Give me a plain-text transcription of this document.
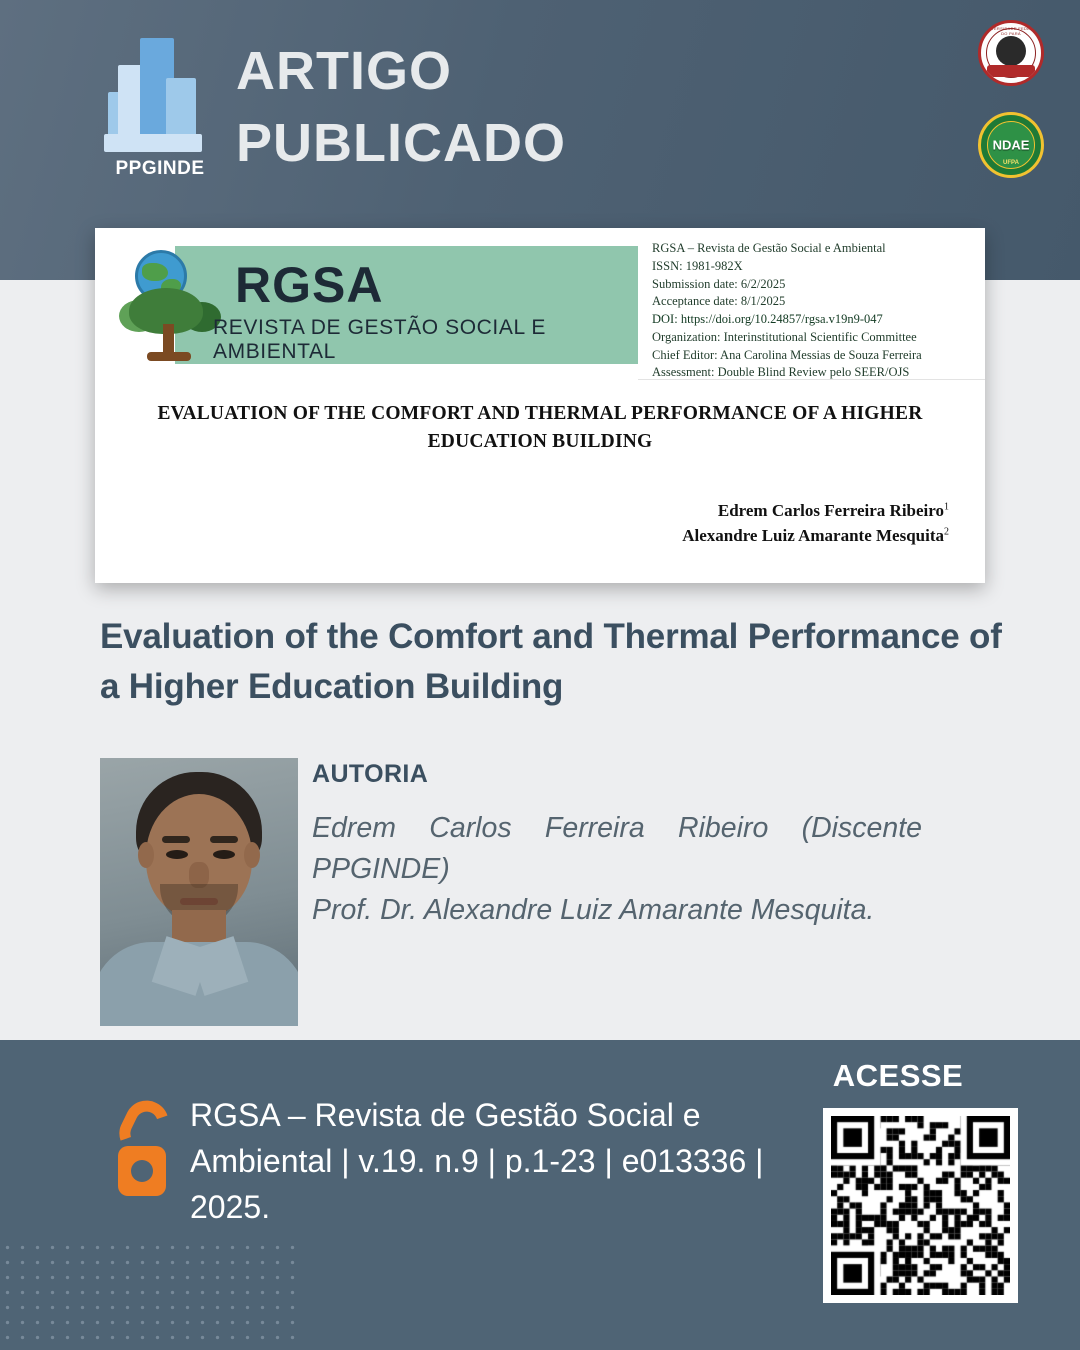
PPGINDE
ARTIGO
PUBLICADO
UNIVERSIDADE FEDERAL DO PARÁ
NDAE
UFPA
RGSA
REVISTA DE GESTÃO SOCIAL E AMBIENTAL
RGSA – Revista de Gestão Social e Ambiental
ISSN: 1981-982X
Submission date: 6/2/2025
Acceptance date: 8/1/2025
DOI: https://doi.org/10.24857/rgsa.v19n9-047
Organization: Interinstitutional Scientific Committee
Chief Editor: Ana Carolina Messias de Souza Ferreira
Assessment: Double Blind Review pelo SEER/OJS
EVALUATION OF THE COMFORT AND THERMAL PERFORMANCE OF A HIGHER EDUCATION BUILDING
Edrem Carlos Ferreira Ribeiro$^1$
Alexandre Luiz Amarante Mesquita$^2$
Evaluation of the Comfort and Thermal Performance of a Higher Education Building
AUTORIA
Edrem Carlos Ferreira Ribeiro (Discente PPGINDE)
Prof. Dr. Alexandre Luiz Amarante Mesquita.
RGSA – Revista de Gestão Social e Ambiental | v.19. n.9 | p.1-23 | e013336 | 2025.
ACESSE
